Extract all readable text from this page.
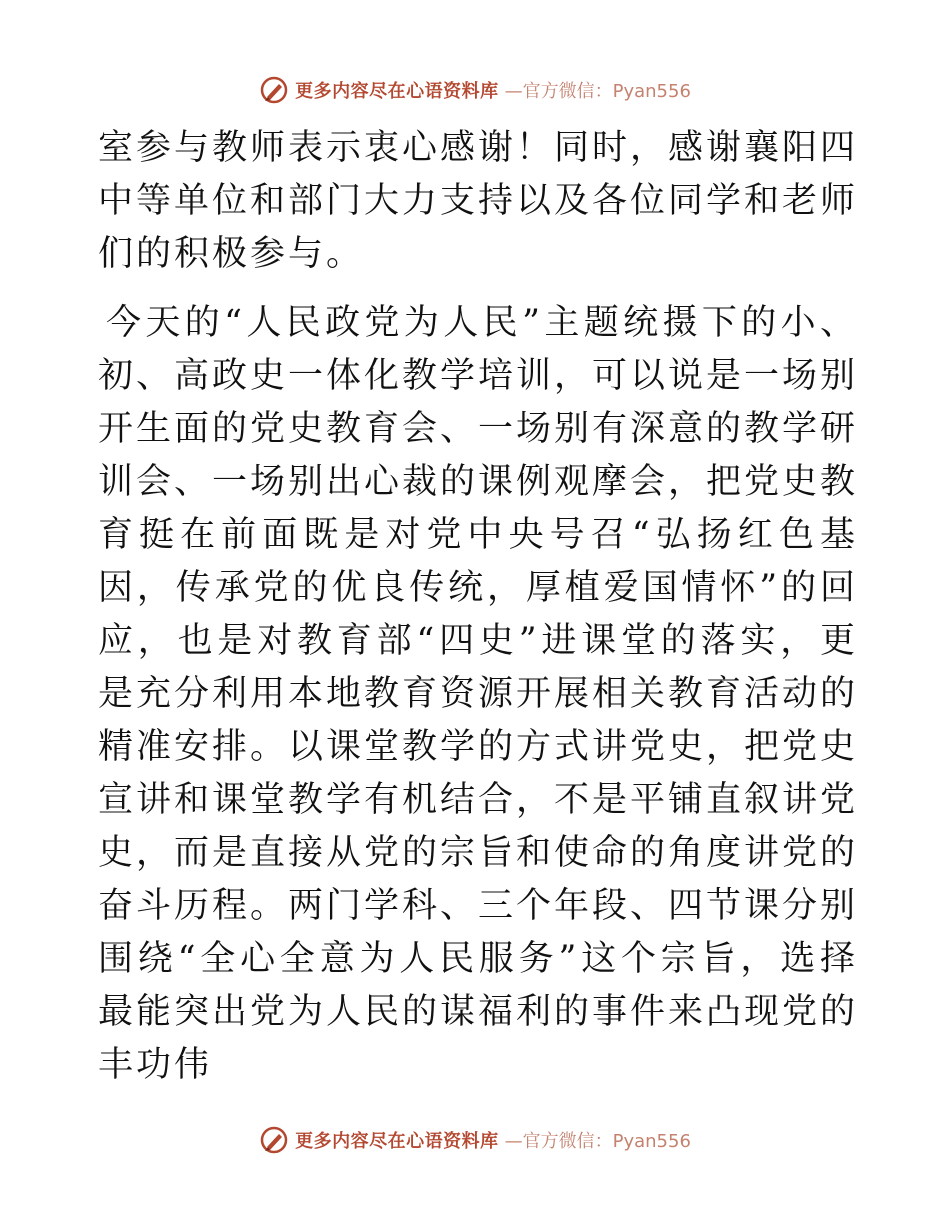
更多内容尽在心语资料库 —官方微信：Pyan556

室参与教师表示衷心感谢！同时，感谢襄阳四中等单位和部门大力支持以及各位同学和老师们的积极参与。

今天的“人民政党为人民”主题统摄下的小、初、高政史一体化教学培训，可以说是一场别开生面的党史教育会、一场别有深意的教学研训会、一场别出心裁的课例观摩会，把党史教育挺在前面既是对党中央号召“弘扬红色基因，传承党的优良传统，厚植爱国情怀”的回应，也是对教育部“四史”进课堂的落实，更是充分利用本地教育资源开展相关教育活动的精准安排。以课堂教学的方式讲党史，把党史宣讲和课堂教学有机结合，不是平铺直叙讲党史，而是直接从党的宗旨和使命的角度讲党的奋斗历程。两门学科、三个年段、四节课分别围绕“全心全意为人民服务”这个宗旨，选择最能突出党为人民的谋福利的事件来凸现党的丰功伟

更多内容尽在心语资料库 —官方微信：Pyan556
